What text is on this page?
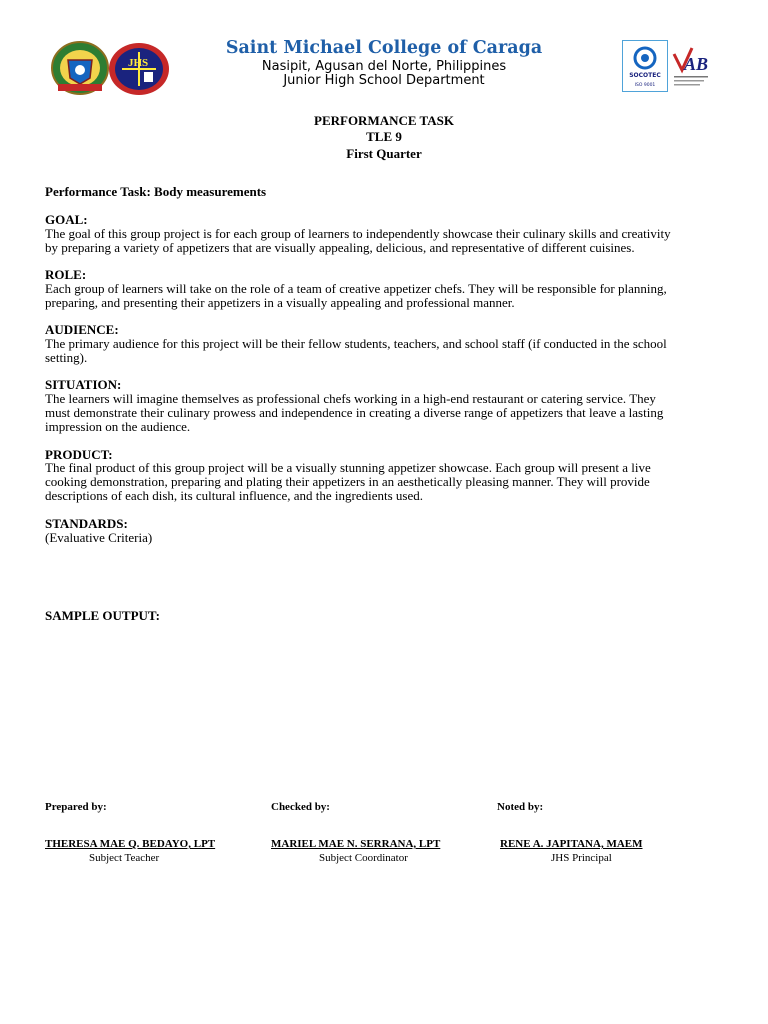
JHS
SOCOTEC
ISO 9001
AB
Saint Michael College of Caraga
Nasipit, Agusan del Norte, Philippines
Junior High School Department
PERFORMANCE TASK
TLE 9
First Quarter
Performance Task: Body measurements
GOAL:
The goal of this group project is for each group of learners to independently showcase their culinary skills and creativity
by preparing a variety of appetizers that are visually appealing, delicious, and representative of different cuisines.
ROLE:
Each group of learners will take on the role of a team of creative appetizer chefs. They will be responsible for planning,
preparing, and presenting their appetizers in a visually appealing and professional manner.
AUDIENCE:
The primary audience for this project will be their fellow students, teachers, and school staff (if conducted in the school
setting).
SITUATION:
The learners will imagine themselves as professional chefs working in a high-end restaurant or catering service. They
must demonstrate their culinary prowess and independence in creating a diverse range of appetizers that leave a lasting
impression on the audience.
PRODUCT:
The final product of this group project will be a visually stunning appetizer showcase. Each group will present a live
cooking demonstration, preparing and plating their appetizers in an aesthetically pleasing manner. They will provide
descriptions of each dish, its cultural influence, and the ingredients used.
STANDARDS:
(Evaluative Criteria)
SAMPLE OUTPUT:
Prepared by:	Checked by:	Noted by:
THERESA MAE Q. BEDAYO, LPT	MARIEL MAE N. SERRANA, LPT	RENE A. JAPITANA, MAEM
Subject Teacher	Subject Coordinator	JHS Principal
